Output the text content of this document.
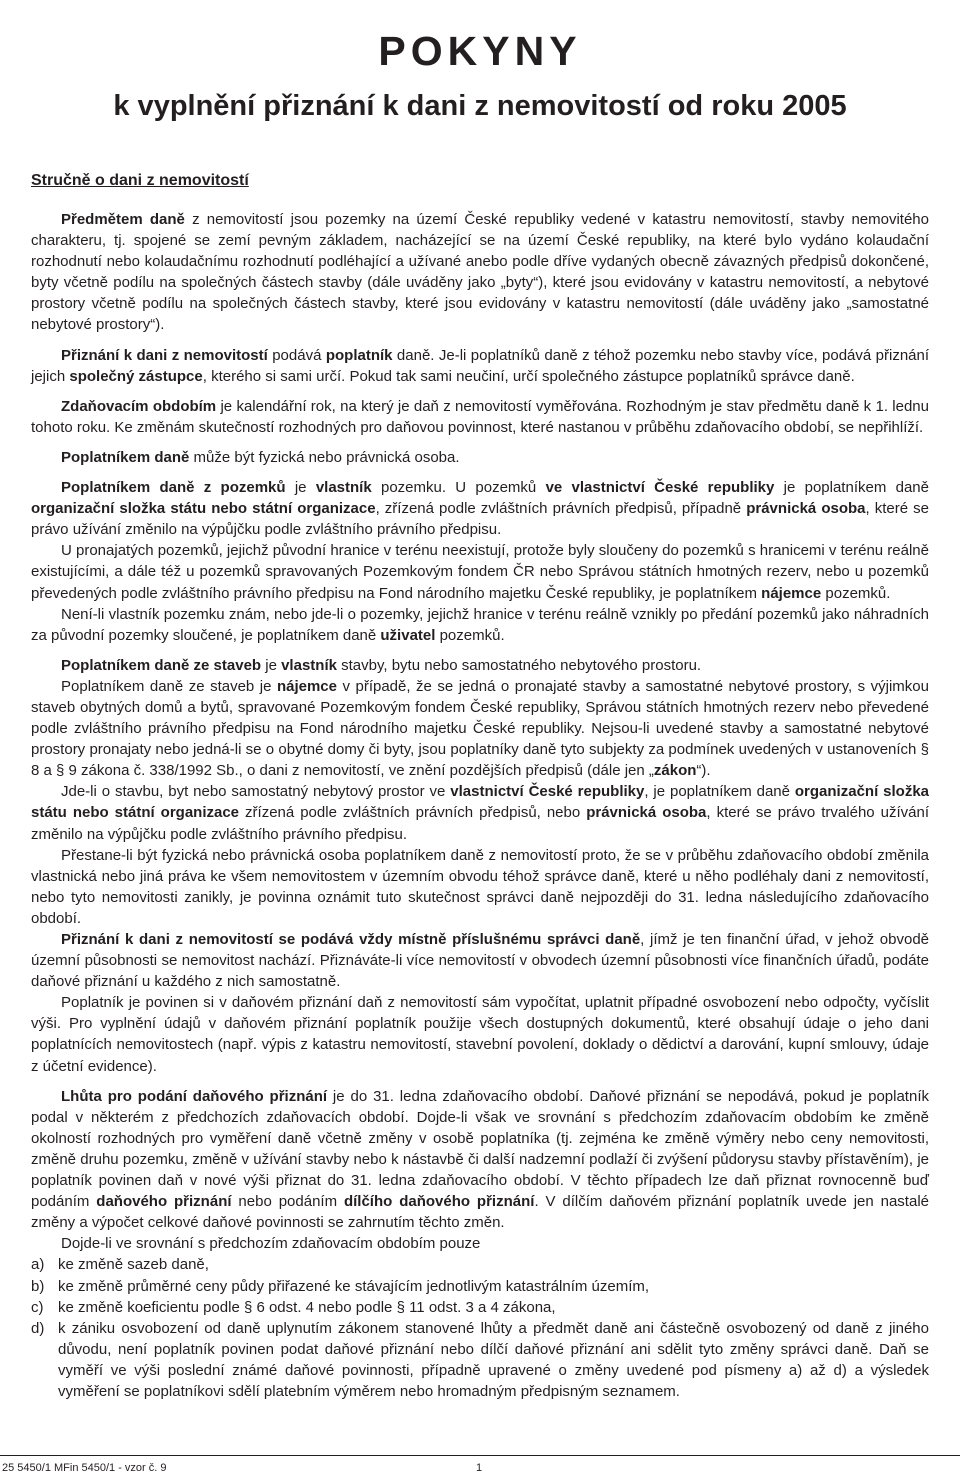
POKYNY
k vyplnění přiznání k dani z nemovitostí od roku 2005
Stručně o dani z nemovitostí

Předmětem daně z nemovitostí jsou pozemky na území České republiky vedené v katastru nemovitostí, stavby nemovitého charakteru, tj. spojené se zemí pevným základem, nacházející se na území České republiky, na které bylo vydáno kolaudační rozhodnutí nebo kolaudačnímu rozhodnutí podléhající a užívané anebo podle dříve vydaných obecně závazných předpisů dokončené, byty včetně podílu na společných částech stavby (dále uváděny jako „byty“), které jsou evidovány v katastru nemovitostí, a nebytové prostory včetně podílu na společných částech stavby, které jsou evidovány v katastru nemovitostí (dále uváděny jako „samostatné nebytové prostory“).

Přiznání k dani z nemovitostí podává poplatník daně. Je-li poplatníků daně z téhož pozemku nebo stavby více, podává přiznání jejich společný zástupce, kterého si sami určí. Pokud tak sami neučiní, určí společného zástupce poplatníků správce daně.

Zdaňovacím obdobím je kalendářní rok, na který je daň z nemovitostí vyměřována. Rozhodným je stav předmětu daně k 1. lednu tohoto roku. Ke změnám skutečností rozhodných pro daňovou povinnost, které nastanou v průběhu zdaňovacího období, se nepřihlíží.

Poplatníkem daně může být fyzická nebo právnická osoba.

Poplatníkem daně z pozemků je vlastník pozemku. U pozemků ve vlastnictví České republiky je poplatníkem daně organizační složka státu nebo státní organizace, zřízená podle zvláštních právních předpisů, případně právnická osoba, které se právo užívání změnilo na výpůjčku podle zvláštního právního předpisu.

U pronajatých pozemků, jejichž původní hranice v terénu neexistují, protože byly sloučeny do pozemků s hranicemi v terénu reálně existujícími, a dále též u pozemků spravovaných Pozemkovým fondem ČR nebo Správou státních hmotných rezerv, nebo u pozemků převedených podle zvláštního právního předpisu na Fond národního majetku České republiky, je poplatníkem nájemce pozemků.

Není-li vlastník pozemku znám, nebo jde-li o pozemky, jejichž hranice v terénu reálně vznikly po předání pozemků jako náhradních za původní pozemky sloučené, je poplatníkem daně uživatel pozemků.

Poplatníkem daně ze staveb je vlastník stavby, bytu nebo samostatného nebytového prostoru.

Poplatníkem daně ze staveb je nájemce v případě, že se jedná o pronajaté stavby a samostatné nebytové prostory, s výjimkou staveb obytných domů a bytů, spravované Pozemkovým fondem České republiky, Správou státních hmotných rezerv nebo převedené podle zvláštního právního předpisu na Fond národního majetku České republiky. Nejsou-li uvedené stavby a samostatné nebytové prostory pronajaty nebo jedná-li se o obytné domy či byty, jsou poplatníky daně tyto subjekty za podmínek uvedených v ustanoveních § 8 a § 9 zákona č. 338/1992 Sb., o dani z nemovitostí, ve znění pozdějších předpisů (dále jen „zákon“).

Jde-li o stavbu, byt nebo samostatný nebytový prostor ve vlastnictví České republiky, je poplatníkem daně organizační složka státu nebo státní organizace zřízená podle zvláštních právních předpisů, nebo právnická osoba, které se právo trvalého užívání změnilo na výpůjčku podle zvláštního právního předpisu.

Přestane-li být fyzická nebo právnická osoba poplatníkem daně z nemovitostí proto, že se v průběhu zdaňovacího období změnila vlastnická nebo jiná práva ke všem nemovitostem v územním obvodu téhož správce daně, které u něho podléhaly dani z nemovitostí, nebo tyto nemovitosti zanikly, je povinna oznámit tuto skutečnost správci daně nejpozději do 31. ledna následujícího zdaňovacího období.

Přiznání k dani z nemovitostí se podává vždy místně příslušnému správci daně, jímž je ten finanční úřad, v jehož obvodě územní působnosti se nemovitost nachází. Přiznáváte-li více nemovitostí v obvodech územní působnosti více finančních úřadů, podáte daňové přiznání u každého z nich samostatně.

Poplatník je povinen si v daňovém přiznání daň z nemovitostí sám vypočítat, uplatnit případné osvobození nebo odpočty, vyčíslit výši. Pro vyplnění údajů v daňovém přiznání poplatník použije všech dostupných dokumentů, které obsahují údaje o jeho dani poplatnících nemovitostech (např. výpis z katastru nemovitostí, stavební povolení, doklady o dědictví a darování, kupní smlouvy, údaje z účetní evidence).

Lhůta pro podání daňového přiznání je do 31. ledna zdaňovacího období. Daňové přiznání se nepodává, pokud je poplatník podal v některém z předchozích zdaňovacích období. Dojde-li však ve srovnání s předchozím zdaňovacím obdobím ke změně okolností rozhodných pro vyměření daně včetně změny v osobě poplatníka (tj. zejména ke změně výměry nebo ceny nemovitosti, změně druhu pozemku, změně v užívání stavby nebo k nástavbě či další nadzemní podlaží či zvýšení půdorysu stavby přístavěním), je poplatník povinen daň v nové výši přiznat do 31. ledna zdaňovacího období. V těchto případech lze daň přiznat rovnocenně buď podáním daňového přiznání nebo podáním dílčího daňového přiznání. V dílčím daňovém přiznání poplatník uvede jen nastalé změny a výpočet celkové daňové povinnosti se zahrnutím těchto změn.

Dojde-li ve srovnání s předchozím zdaňovacím obdobím pouze

a) ke změně sazeb daně,
b) ke změně průměrné ceny půdy přiřazené ke stávajícím jednotlivým katastrálním územím,
c) ke změně koeficientu podle § 6 odst. 4 nebo podle § 11 odst. 3 a 4 zákona,
d) k zániku osvobození od daně uplynutím zákonem stanovené lhůty a předmět daně ani částečně osvobozený od daně z jiného důvodu, není poplatník povinen podat daňové přiznání nebo dílčí daňové přiznání ani sdělit tyto změny správci daně. Daň se vyměří ve výši poslední známé daňové povinnosti, případně upravené o změny uvedené pod písmeny a) až d) a výsledek vyměření se poplatníkovi sdělí platebním výměrem nebo hromadným předpisným seznamem.
25 5450/1 MFin 5450/1 - vzor č. 9	1
